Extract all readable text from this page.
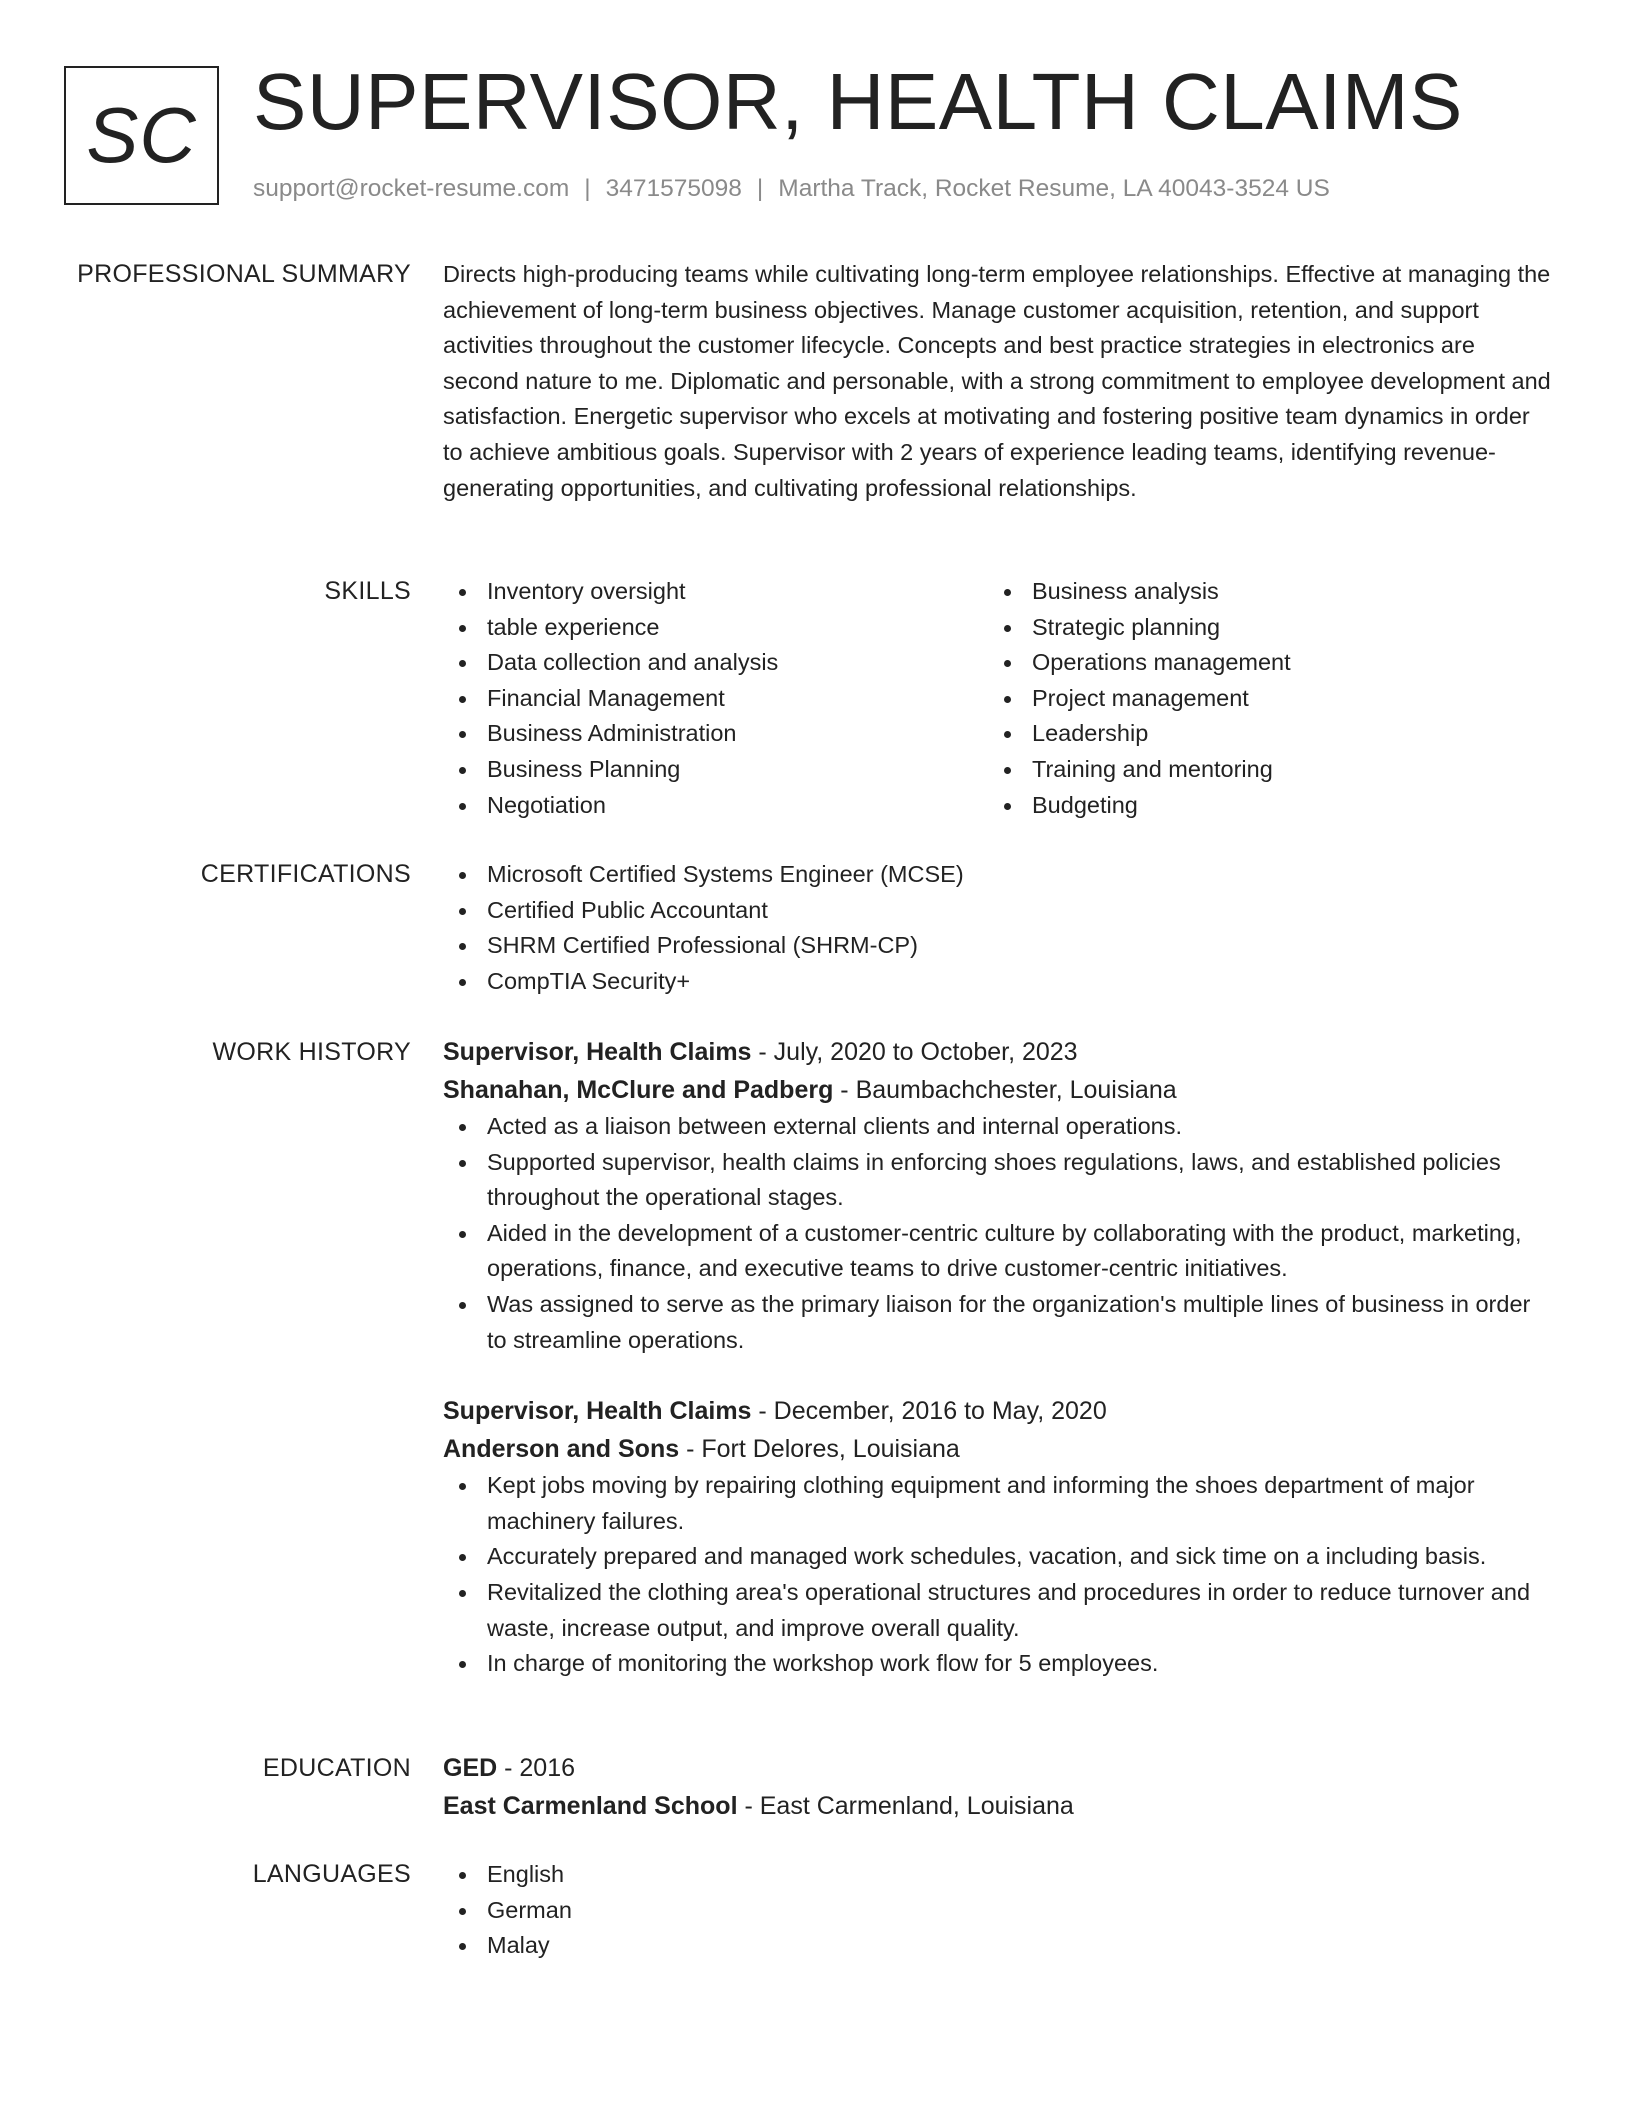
SC SUPERVISOR, HEALTH CLAIMS
support@rocket-resume.com | 3471575098 | Martha Track, Rocket Resume, LA 40043-3524 US
PROFESSIONAL SUMMARY Directs high-producing teams while cultivating long-term employee relationships. Effective at managing the achievement of long-term business objectives. Manage customer acquisition, retention, and support activities throughout the customer lifecycle. Concepts and best practice strategies in electronics are second nature to me. Diplomatic and personable, with a strong commitment to employee development and satisfaction. Energetic supervisor who excels at motivating and fostering positive team dynamics in order to achieve ambitious goals. Supervisor with 2 years of experience leading teams, identifying revenue-generating opportunities, and cultivating professional relationships.

SKILLS	Inventory oversight
table experience
Data collection and analysis
Financial Management
Business Administration
Business Planning
Negotiation
Business analysis
Strategic planning
Operations management
Project management
Leadership
Training and mentoring
Budgeting
CERTIFICATIONS	Microsoft Certified Systems Engineer (MCSE)
Certified Public Accountant
SHRM Certified Professional (SHRM-CP)
CompTIA Security+
WORK HISTORY Supervisor, Health Claims - July, 2020 to October, 2023
Shanahan, McClure and Padberg - Baumbachchester, Louisiana
Acted as a liaison between external clients and internal operations.
Supported supervisor, health claims in enforcing shoes regulations, laws, and established policies throughout the operational stages.
Aided in the development of a customer-centric culture by collaborating with the product, marketing, operations, finance, and executive teams to drive customer-centric initiatives.
Was assigned to serve as the primary liaison for the organization's multiple lines of business in order to streamline operations.
Supervisor, Health Claims - December, 2016 to May, 2020
Anderson and Sons - Fort Delores, Louisiana
Kept jobs moving by repairing clothing equipment and informing the shoes department of major machinery failures.
Accurately prepared and managed work schedules, vacation, and sick time on a including basis.
Revitalized the clothing area's operational structures and procedures in order to reduce turnover and waste, increase output, and improve overall quality.
In charge of monitoring the workshop work flow for 5 employees.
EDUCATION GED - 2016
East Carmenland School - East Carmenland, Louisiana
LANGUAGES	English
German
Malay
